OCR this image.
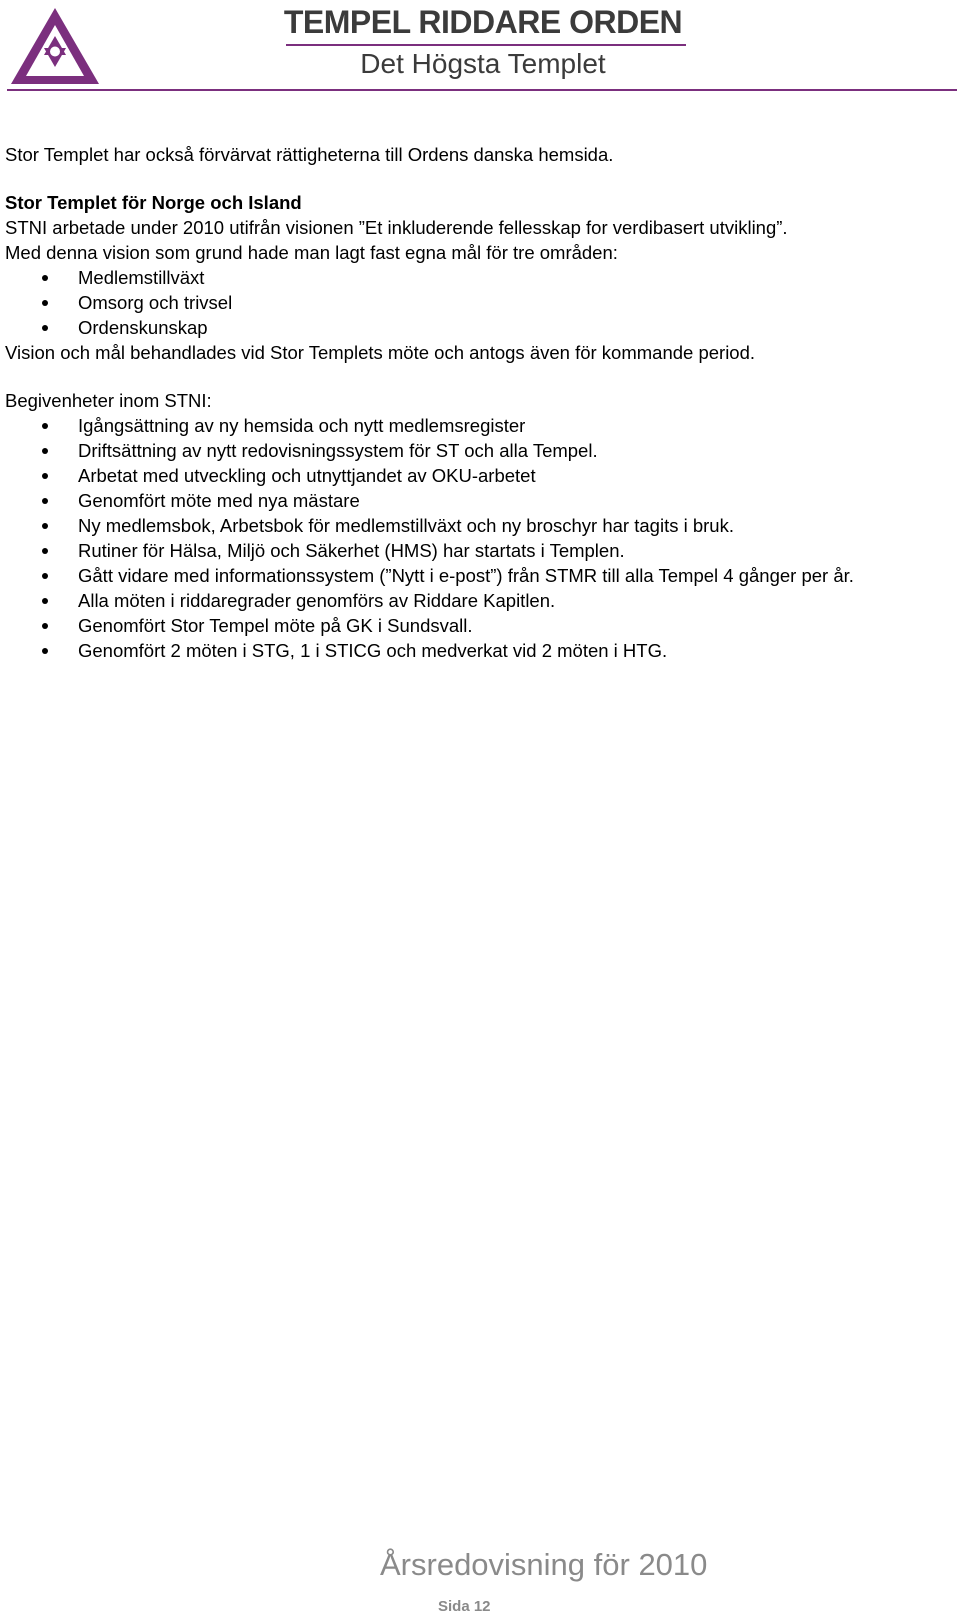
TEMPEL RIDDARE ORDEN
Det Högsta Templet

Stor Templet har också förvärvat rättigheterna till Ordens danska hemsida.

Stor Templet för Norge och Island

STNI arbetade under 2010 utifrån visionen ”Et inkluderende fellesskap for verdibasert utvikling”.

Med denna vision som grund hade man lagt fast egna mål för tre områden:

Medlemstillväxt
Omsorg och trivsel
Ordenskunskap

Vision och mål behandlades vid Stor Templets möte och antogs även för kommande period.

Begivenheter inom STNI:

Igångsättning av ny hemsida och nytt medlemsregister
Driftsättning av nytt redovisningssystem för ST och alla Tempel.
Arbetat med utveckling och utnyttjandet av OKU-arbetet
Genomfört möte med nya mästare
Ny medlemsbok, Arbetsbok för medlemstillväxt och ny broschyr har tagits i bruk.
Rutiner för Hälsa, Miljö och Säkerhet (HMS) har startats i Templen.
Gått vidare med informationssystem (”Nytt i e-post”) från STMR till alla Tempel 4 gånger per år.
Alla möten i riddaregrader genomförs av Riddare Kapitlen.
Genomfört Stor Tempel möte på GK i Sundsvall.
Genomfört 2 möten i STG, 1 i STICG och medverkat vid 2 möten i HTG.
Årsredovisning för 2010
Sida 12
